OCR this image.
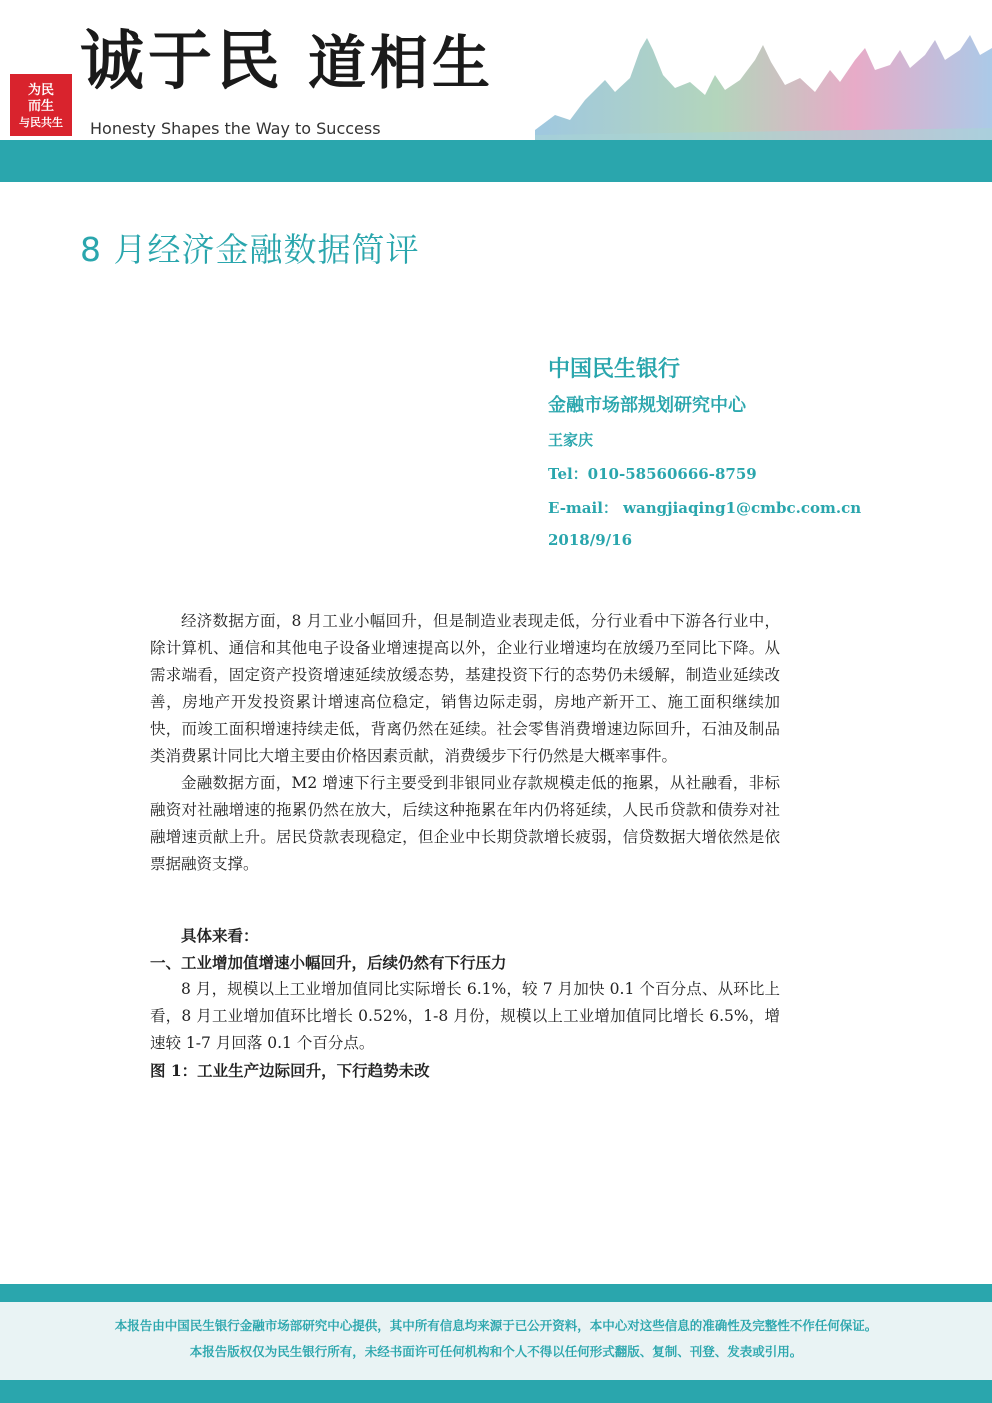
为民
而生
与民共生
诚于民 道相生
Honesty Shapes the Way to Success
8 月经济金融数据简评
中国民生银行
金融市场部规划研究中心
王家庆
Tel：010-58560666-8759
E-mail： wangjiaqing1@cmbc.com.cn
2018/9/16

经济数据方面，8 月工业小幅回升，但是制造业表现走低，分行业看中下游各行业中，除计算机、通信和其他电子设备业增速提高以外，企业行业增速均在放缓乃至同比下降。从需求端看，固定资产投资增速延续放缓态势，基建投资下行的态势仍未缓解，制造业延续改善，房地产开发投资累计增速高位稳定，销售边际走弱，房地产新开工、施工面积继续加快，而竣工面积增速持续走低，背离仍然在延续。社会零售消费增速边际回升，石油及制品类消费累计同比大增主要由价格因素贡献，消费缓步下行仍然是大概率事件。

金融数据方面，M2 增速下行主要受到非银同业存款规模走低的拖累，从社融看，非标融资对社融增速的拖累仍然在放大，后续这种拖累在年内仍将延续，人民币贷款和债券对社融增速贡献上升。居民贷款表现稳定，但企业中长期贷款增长疲弱，信贷数据大增依然是依票据融资支撑。

具体来看：

一、工业增加值增速小幅回升，后续仍然有下行压力

8 月，规模以上工业增加值同比实际增长 6.1%，较 7 月加快 0.1 个百分点、从环比上看，8 月工业增加值环比增长 0.52%，1-8 月份，规模以上工业增加值同比增长 6.5%，增速较 1-7 月回落 0.1 个百分点。

图 1：工业生产边际回升，下行趋势未改

本报告由中国民生银行金融市场部研究中心提供，其中所有信息均来源于已公开资料，本中心对这些信息的准确性及完整性不作任何保证。
本报告版权仅为民生银行所有，未经书面许可任何机构和个人不得以任何形式翻版、复制、刊登、发表或引用。
